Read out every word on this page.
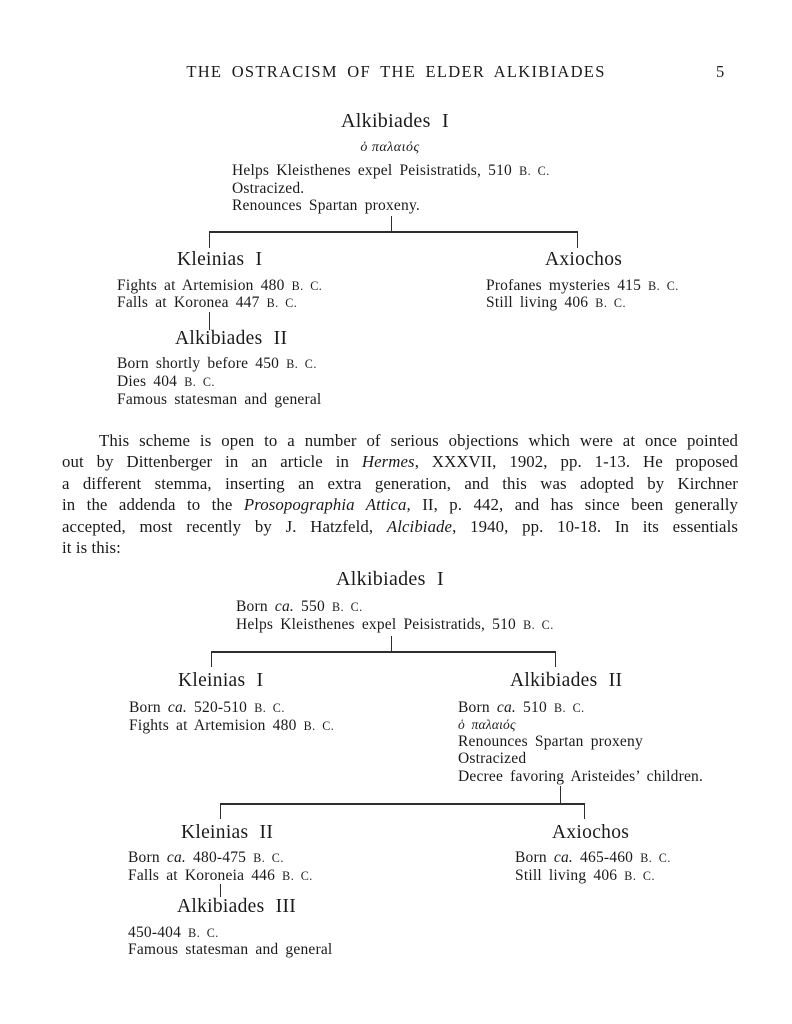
THE OSTRACISM OF THE ELDER ALKIBIADES	5
Alkibiades I
ὁ παλαιός
Helps Kleisthenes expel Peisistratids, 510 B. C.
Ostracized.
Renounces Spartan proxeny.
Kleinias I
Fights at Artemision 480 B. C.
Falls at Koronea 447 B. C.
Alkibiades II
Born shortly before 450 B. C.
Dies 404 B. C.
Famous statesman and general
Axiochos
Profanes mysteries 415 B. C.
Still living 406 B. C.
This scheme is open to a number of serious objections which were at once pointed
out by Dittenberger in an article in Hermes, XXXVII, 1902, pp. 1-13. He proposed
a different stemma, inserting an extra generation, and this was adopted by Kirchner
in the addenda to the Prosopographia Attica, II, p. 442, and has since been generally
accepted, most recently by J. Hatzfeld, Alcibiade, 1940, pp. 10-18. In its essentials
it is this:
Alkibiades I
Born ca. 550 B. C.
Helps Kleisthenes expel Peisistratids, 510 B. C.
Kleinias I
Born ca. 520-510 B. C.
Fights at Artemision 480 B. C.
Alkibiades II
Born ca. 510 B. C.
ὁ παλαιός
Renounces Spartan proxeny
Ostracized
Decree favoring Aristeides’ children.
Kleinias II
Born ca. 480-475 B. C.
Falls at Koroneia 446 B. C.
Axiochos
Born ca. 465-460 B. C.
Still living 406 B. C.
Alkibiades III
450-404 B. C.
Famous statesman and general
